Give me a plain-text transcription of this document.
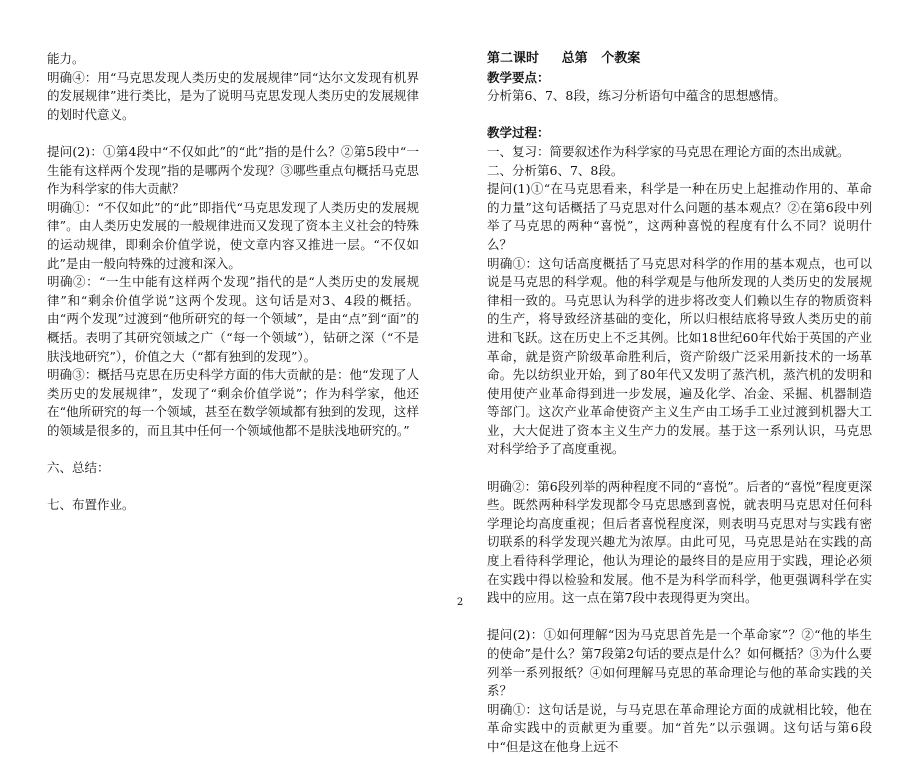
能力。

明确④：用“马克思发现人类历史的发展规律”同“达尔文发现有机界的发展规律”进行类比，是为了说明马克思发现人类历史的发展规律的划时代意义。

提问(2)：①第4段中“不仅如此”的“此”指的是什么？②第5段中“一生能有这样两个发现”指的是哪两个发现？③哪些重点句概括马克思作为科学家的伟大贡献？

明确①：“不仅如此”的“此”即指代“马克思发现了人类历史的发展规律”。由人类历史发展的一般规律进而又发现了资本主义社会的特殊的运动规律，即剩余价值学说，使文章内容又推进一层。“不仅如此”是由一般向特殊的过渡和深入。

明确②：“一生中能有这样两个发现”指代的是“人类历史的发展规律”和“剩余价值学说”这两个发现。这句话是对3、4段的概括。由“两个发现”过渡到“他所研究的每一个领域”，是由“点”到“面”的概括。表明了其研究领域之广（“每一个领域”），钻研之深（“不是肤浅地研究”），价值之大（“都有独到的发现”）。

明确③：概括马克思在历史科学方面的伟大贡献的是：他“发现了人类历史的发展规律”，发现了“剩余价值学说”；作为科学家，他还在“他所研究的每一个领域，甚至在数学领域都有独到的发现，这样的领域是很多的，而且其中任何一个领域他都不是肤浅地研究的。”

六、总结：

七、布置作业。

第二课时     总第   个教案

教学要点：

分析第6、7、8段，练习分析语句中蕴含的思想感情。

教学过程：

一、复习：简要叙述作为科学家的马克思在理论方面的杰出成就。

二、分析第6、7、8段。

提问(1)①“在马克思看来，科学是一种在历史上起推动作用的、革命的力量”这句话概括了马克思对什么问题的基本观点？②在第6段中列举了马克思的两种“喜悦”，这两种喜悦的程度有什么不同？说明什么？

明确①：这句话高度概括了马克思对科学的作用的基本观点，也可以说是马克思的科学观。他的科学观是与他所发现的人类历史的发展规律相一致的。马克思认为科学的进步将改变人们赖以生存的物质资料的生产，将导致经济基础的变化，所以归根结底将导致人类历史的前进和飞跃。这在历史上不乏其例。比如18世纪60年代始于英国的产业革命，就是资产阶级革命胜利后，资产阶级广泛采用新技术的一场革命。先以纺织业开始，到了80年代又发明了蒸汽机，蒸汽机的发明和使用使产业革命得到进一步发展，遍及化学、冶金、采掘、机器制造等部门。这次产业革命使资产主义生产由工场手工业过渡到机器大工业，大大促进了资本主义生产力的发展。基于这一系列认识，马克思对科学给予了高度重视。

明确②：第6段列举的两种程度不同的“喜悦”。后者的“喜悦”程度更深些。既然两种科学发现都令马克思感到喜悦，就表明马克思对任何科学理论均高度重视；但后者喜悦程度深，则表明马克思对与实践有密切联系的科学发现兴趣尤为浓厚。由此可见，马克思是站在实践的高度上看待科学理论，他认为理论的最终目的是应用于实践，理论必须在实践中得以检验和发展。他不是为科学而科学，他更强调科学在实践中的应用。这一点在第7段中表现得更为突出。

提问(2)：①如何理解“因为马克思首先是一个革命家”？②“他的毕生的使命”是什么？第7段第2句话的要点是什么？如何概括？③为什么要列举一系列报纸？④如何理解马克思的革命理论与他的革命实践的关系？

明确①：这句话是说，与马克思在革命理论方面的成就相比较，他在革命实践中的贡献更为重要。加“首先”以示强调。这句话与第6段中“但是这在他身上远不

2
